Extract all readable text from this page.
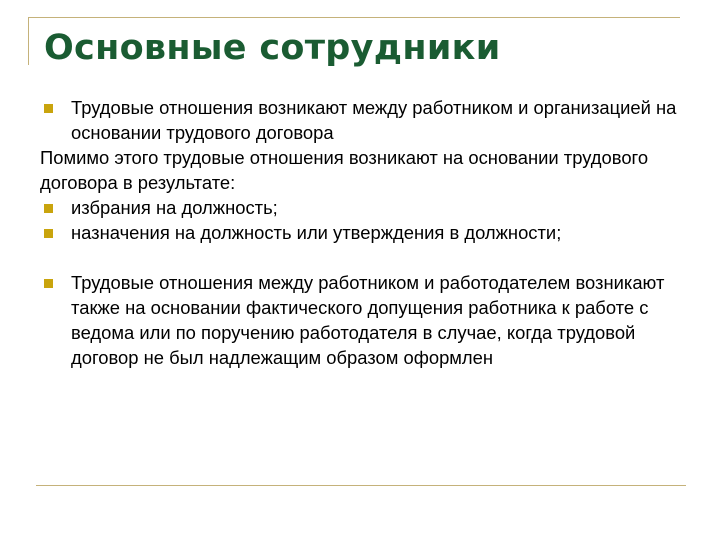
Основные сотрудники
Трудовые отношения возникают между работником и организацией на основании трудового договора
Помимо этого трудовые отношения возникают на основании трудового договора в результате:
избрания на должность;
назначения на должность или утверждения в должности;
Трудовые отношения между работником и работодателем возникают также на основании фактического допущения работника к работе с ведома или по поручению работодателя в случае, когда трудовой договор не был надлежащим образом оформлен
